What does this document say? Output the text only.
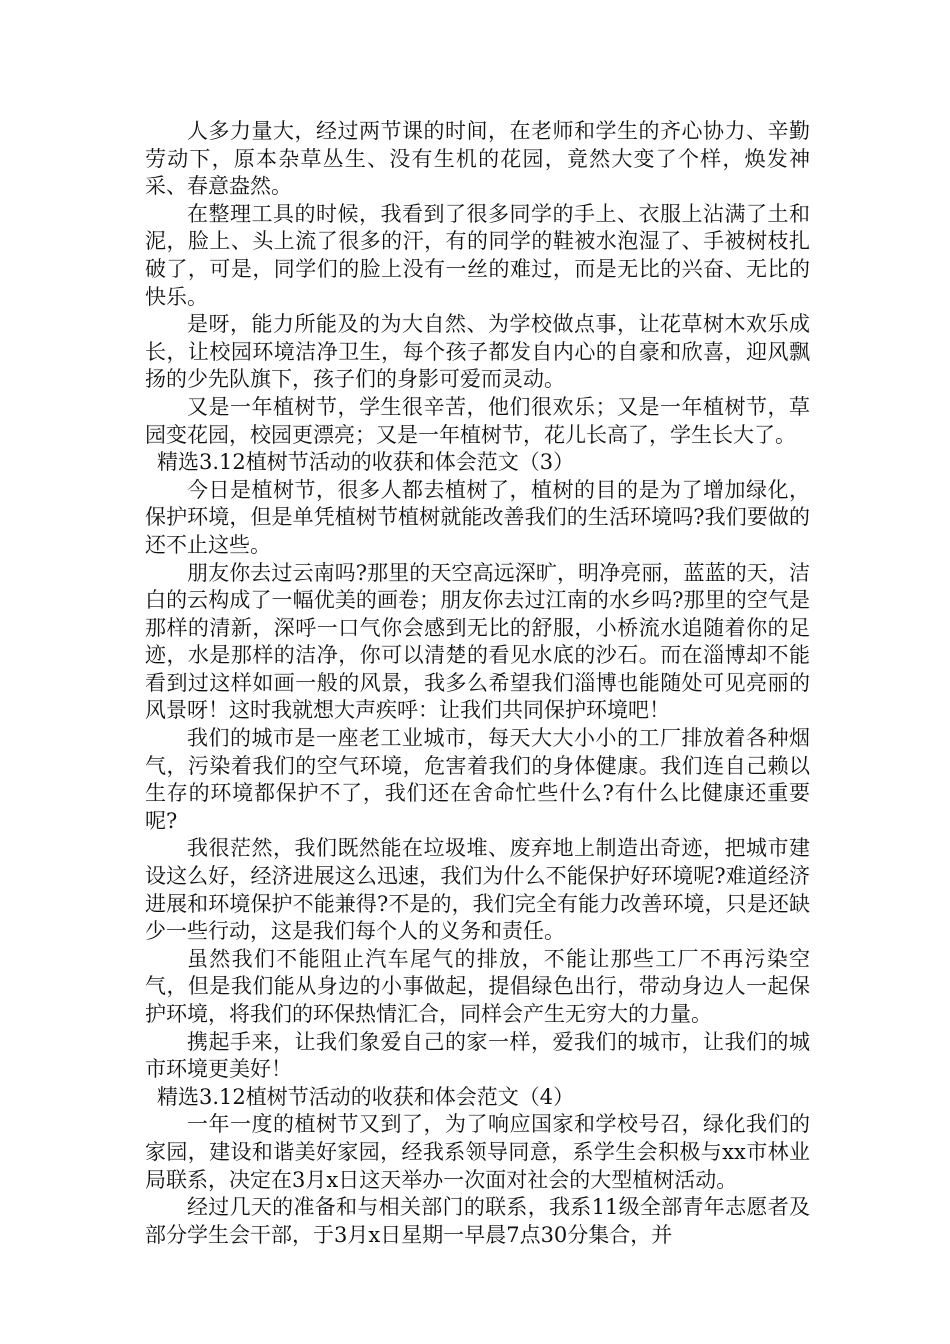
人多力量大，经过两节课的时间，在老师和学生的齐心协力、辛勤劳动下，原本杂草丛生、没有生机的花园，竟然大变了个样，焕发神采、春意盎然。

在整理工具的时候，我看到了很多同学的手上、衣服上沾满了土和泥，脸上、头上流了很多的汗，有的同学的鞋被水泡湿了、手被树枝扎破了，可是，同学们的脸上没有一丝的难过，而是无比的兴奋、无比的快乐。

是呀，能力所能及的为大自然、为学校做点事，让花草树木欢乐成长，让校园环境洁净卫生，每个孩子都发自内心的自豪和欣喜，迎风飘扬的少先队旗下，孩子们的身影可爱而灵动。

又是一年植树节，学生很辛苦，他们很欢乐；又是一年植树节，草园变花园，校园更漂亮；又是一年植树节，花儿长高了，学生长大了。

精选3.12植树节活动的收获和体会范文（3）

今日是植树节，很多人都去植树了，植树的目的是为了增加绿化，保护环境，但是单凭植树节植树就能改善我们的生活环境吗?我们要做的还不止这些。

朋友你去过云南吗?那里的天空高远深旷，明净亮丽，蓝蓝的天，洁白的云构成了一幅优美的画卷；朋友你去过江南的水乡吗?那里的空气是那样的清新，深呼一口气你会感到无比的舒服，小桥流水追随着你的足迹，水是那样的洁净，你可以清楚的看见水底的沙石。而在淄博却不能看到过这样如画一般的风景，我多么希望我们淄博也能随处可见亮丽的风景呀！这时我就想大声疾呼：让我们共同保护环境吧！

我们的城市是一座老工业城市，每天大大小小的工厂排放着各种烟气，污染着我们的空气环境，危害着我们的身体健康。我们连自己赖以生存的环境都保护不了，我们还在舍命忙些什么?有什么比健康还重要呢?

我很茫然，我们既然能在垃圾堆、废弃地上制造出奇迹，把城市建设这么好，经济进展这么迅速，我们为什么不能保护好环境呢?难道经济进展和环境保护不能兼得?不是的，我们完全有能力改善环境，只是还缺少一些行动，这是我们每个人的义务和责任。

虽然我们不能阻止汽车尾气的排放，不能让那些工厂不再污染空气，但是我们能从身边的小事做起，提倡绿色出行，带动身边人一起保护环境，将我们的环保热情汇合，同样会产生无穷大的力量。

携起手来，让我们象爱自己的家一样，爱我们的城市，让我们的城市环境更美好！

精选3.12植树节活动的收获和体会范文（4）

一年一度的植树节又到了，为了响应国家和学校号召，绿化我们的家园，建设和谐美好家园，经我系领导同意，系学生会积极与xx市林业局联系，决定在3月x日这天举办一次面对社会的大型植树活动。

经过几天的准备和与相关部门的联系，我系11级全部青年志愿者及部分学生会干部，于3月x日星期一早晨7点30分集合，并
